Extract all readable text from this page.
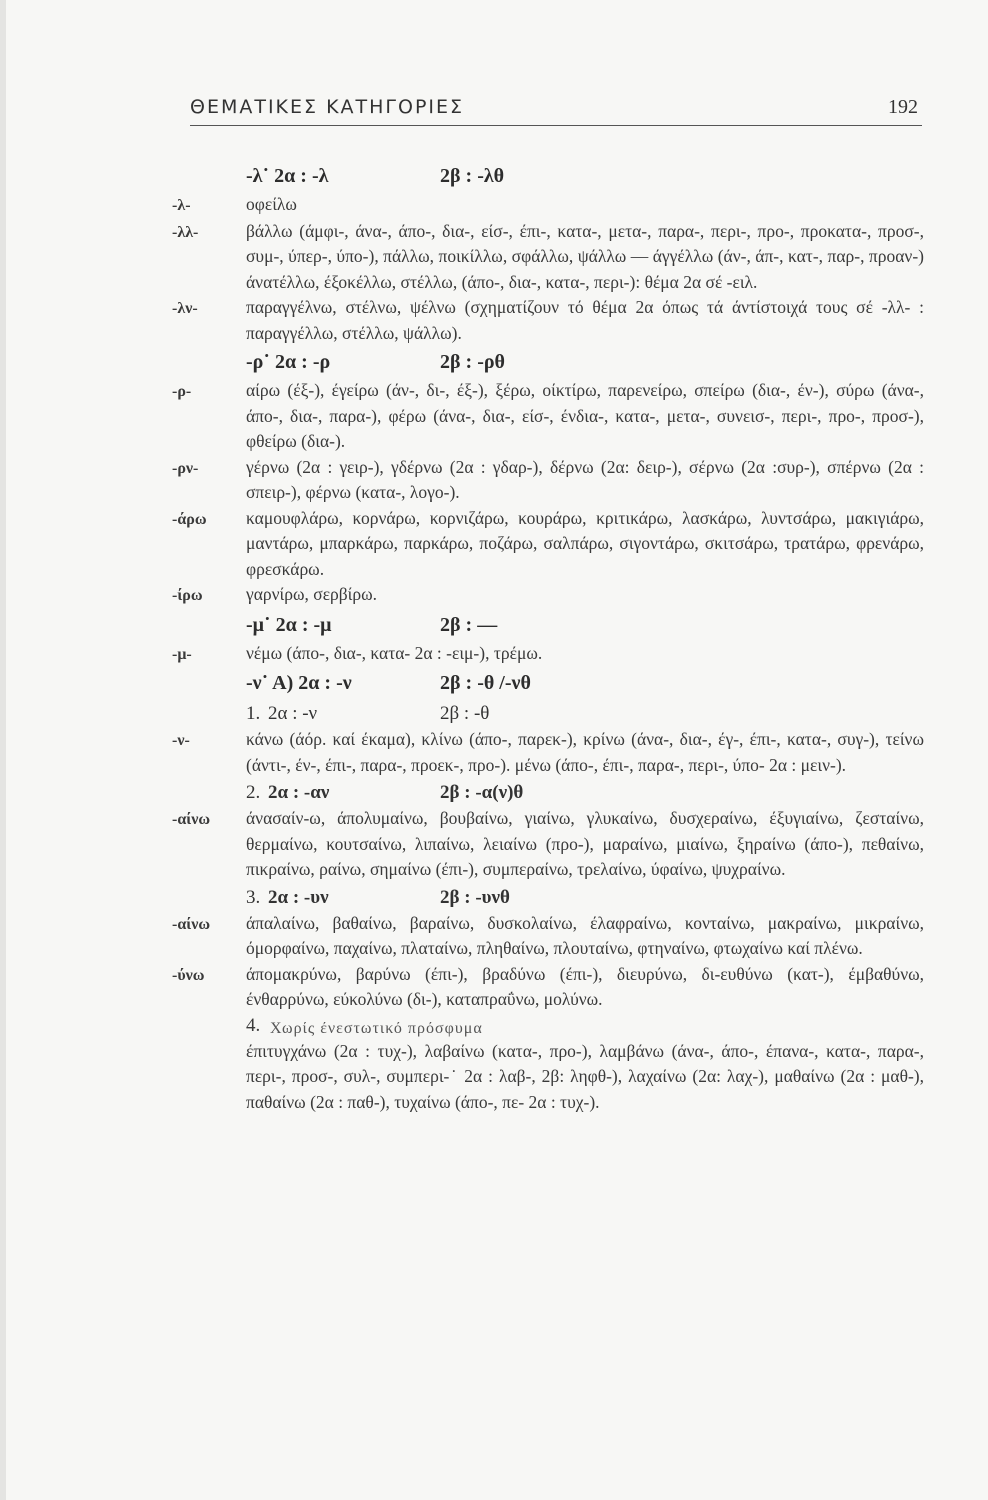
ΘΕΜΑΤΙΚΕΣ ΚΑΤΗΓΟΡΙΕΣ	192
-λ˙ 2α : -λ	2β : -λθ
-λ-	οφείλω
-λλ-	βάλλω (άμφι-, άνα-, άπο-, δια-, είσ-, έπι-, κατα-, μετα-, παρα-, περι-, προ-, προκατα-, προσ-, συμ-, ύπερ-, ύπο-), πάλλω, ποικίλλω, σφάλλω, ψάλλω — άγγέλλω (άν-, άπ-, κατ-, παρ-, προαν-) άνατέλλω, έξοκέλλω, στέλλω, (άπο-, δια-, κατα-, περι-): θέμα 2α σέ -ειλ.
-λν-	παραγγέλνω, στέλνω, ψέλνω (σχηματίζουν τό θέμα 2α όπως τά άντίστοιχά τους σέ -λλ- : παραγγέλλω, στέλλω, ψάλλω).
-ρ˙ 2α : -ρ	2β : -ρθ
-ρ-	αίρω (έξ-), έγείρω (άν-, δι-, έξ-), ξέρω, οίκτίρω, παρενείρω, σπείρω (δια-, έν-), σύρω (άνα-, άπο-, δια-, παρα-), φέρω (άνα-, δια-, είσ-, ένδια-, κατα-, μετα-, συνεισ-, περι-, προ-, προσ-), φθείρω (δια-).
-ρν-	γέρνω (2α : γειρ-), γδέρνω (2α : γδαρ-), δέρνω (2α: δειρ-), σέρνω (2α :συρ-), σπέρνω (2α : σπειρ-), φέρνω (κατα-, λογο-).
-άρω	καμουφλάρω, κορνάρω, κορνιζάρω, κουράρω, κριτικάρω, λασκάρω, λυντσάρω, μακιγιάρω, μαντάρω, μπαρκάρω, παρκάρω, ποζάρω, σαλπάρω, σιγοντάρω, σκιτσάρω, τρατάρω, φρενάρω, φρεσκάρω.
-ίρω	γαρνίρω, σερβίρω.
-μ˙ 2α : -μ	2β : —
-μ-	νέμω (άπο-, δια-, κατα- 2α : -ειμ-), τρέμω.
-ν˙ Α) 2α : -ν	2β : -θ /-νθ
1. 2α : -ν	2β : -θ
-ν-	κάνω (άόρ. καί έκαμα), κλίνω (άπο-, παρεκ-), κρίνω (άνα-, δια-, έγ-, έπι-, κατα-, συγ-), τείνω (άντι-, έν-, έπι-, παρα-, προεκ-, προ-). μένω (άπο-, έπι-, παρα-, περι-, ύπο- 2α : μειν-).
2. 2α : -αν	2β : -α(ν)θ
-αίνω	άνασαίν-ω, άπολυμαίνω, βουβαίνω, γιαίνω, γλυκαίνω, δυσχεραίνω, έξυγιαίνω, ζεσταίνω, θερμαίνω, κουτσαίνω, λιπαίνω, λειαίνω (προ-), μαραίνω, μιαίνω, ξηραίνω (άπο-), πεθαίνω, πικραίνω, ραίνω, σημαίνω (έπι-), συμπεραίνω, τρελαίνω, ύφαίνω, ψυχραίνω.
3. 2α : -υν	2β : -υνθ
-αίνω	άπαλαίνω, βαθαίνω, βαραίνω, δυσκολαίνω, έλαφραίνω, κονταίνω, μακραίνω, μικραίνω, όμορφαίνω, παχαίνω, πλαταίνω, πληθαίνω, πλουταίνω, φτηναίνω, φτωχαίνω καί πλένω.
-ύνω	άπομακρύνω, βαρύνω (έπι-), βραδύνω (έπι-), διευρύνω, δι-ευθύνω (κατ-), έμβαθύνω, ένθαρρύνω, εύκολύνω (δι-), καταπραΰνω, μολύνω.
4. Χωρίς ένεστωτικό πρόσφυμα
έπιτυγχάνω (2α : τυχ-), λαβαίνω (κατα-, προ-), λαμβάνω (άνα-, άπο-, έπανα-, κατα-, παρα-, περι-, προσ-, συλ-, συμπερι-˙ 2α : λαβ-, 2β: ληφθ-), λαχαίνω (2α: λαχ-), μαθαίνω (2α : μαθ-), παθαίνω (2α : παθ-), τυχαίνω (άπο-, πε- 2α : τυχ-).
